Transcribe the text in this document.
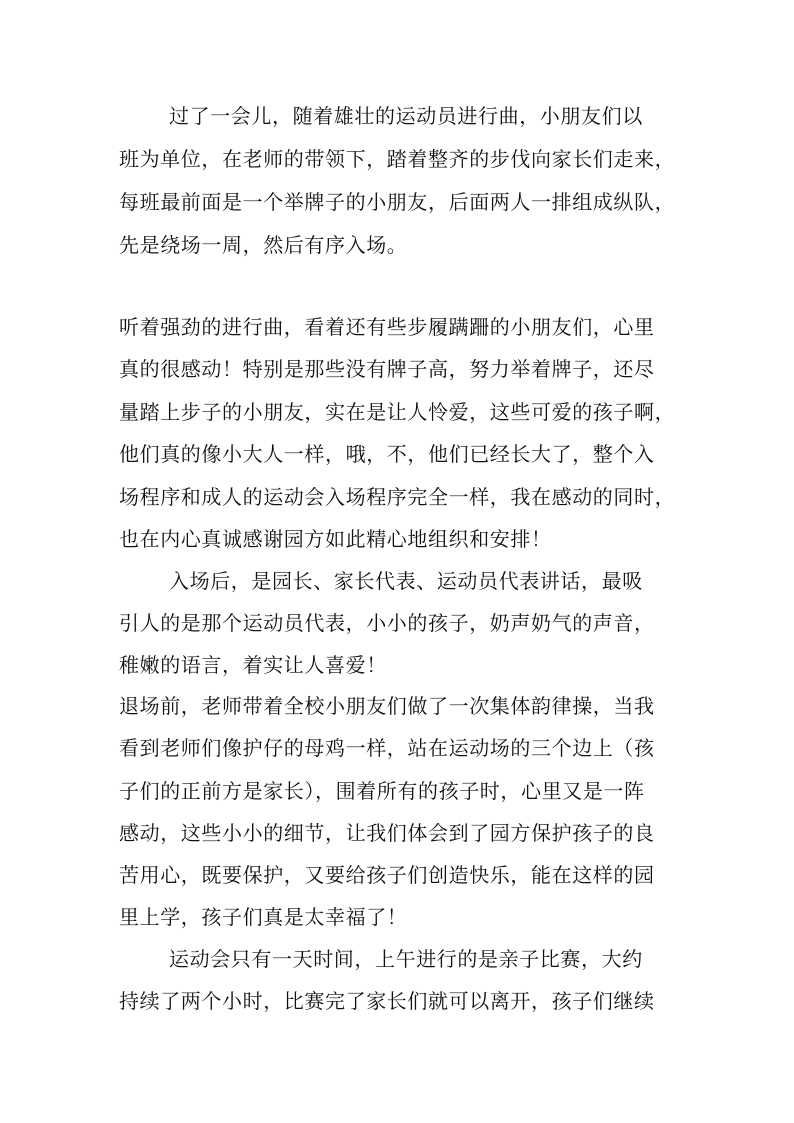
过了一会儿，随着雄壮的运动员进行曲，小朋友们以
班为单位，在老师的带领下，踏着整齐的步伐向家长们走来，
每班最前面是一个举牌子的小朋友，后面两人一排组成纵队，
先是绕场一周，然后有序入场。
听着强劲的进行曲，看着还有些步履蹒跚的小朋友们，心里
真的很感动！特别是那些没有牌子高，努力举着牌子，还尽
量踏上步子的小朋友，实在是让人怜爱，这些可爱的孩子啊，
他们真的像小大人一样，哦，不，他们已经长大了，整个入
场程序和成人的运动会入场程序完全一样，我在感动的同时，
也在内心真诚感谢园方如此精心地组织和安排！
入场后，是园长、家长代表、运动员代表讲话，最吸
引人的是那个运动员代表，小小的孩子，奶声奶气的声音，
稚嫩的语言，着实让人喜爱！
退场前，老师带着全校小朋友们做了一次集体韵律操，当我
看到老师们像护仔的母鸡一样，站在运动场的三个边上（孩
子们的正前方是家长），围着所有的孩子时，心里又是一阵
感动，这些小小的细节，让我们体会到了园方保护孩子的良
苦用心，既要保护，又要给孩子们创造快乐，能在这样的园
里上学，孩子们真是太幸福了！
运动会只有一天时间，上午进行的是亲子比赛，大约
持续了两个小时，比赛完了家长们就可以离开，孩子们继续
